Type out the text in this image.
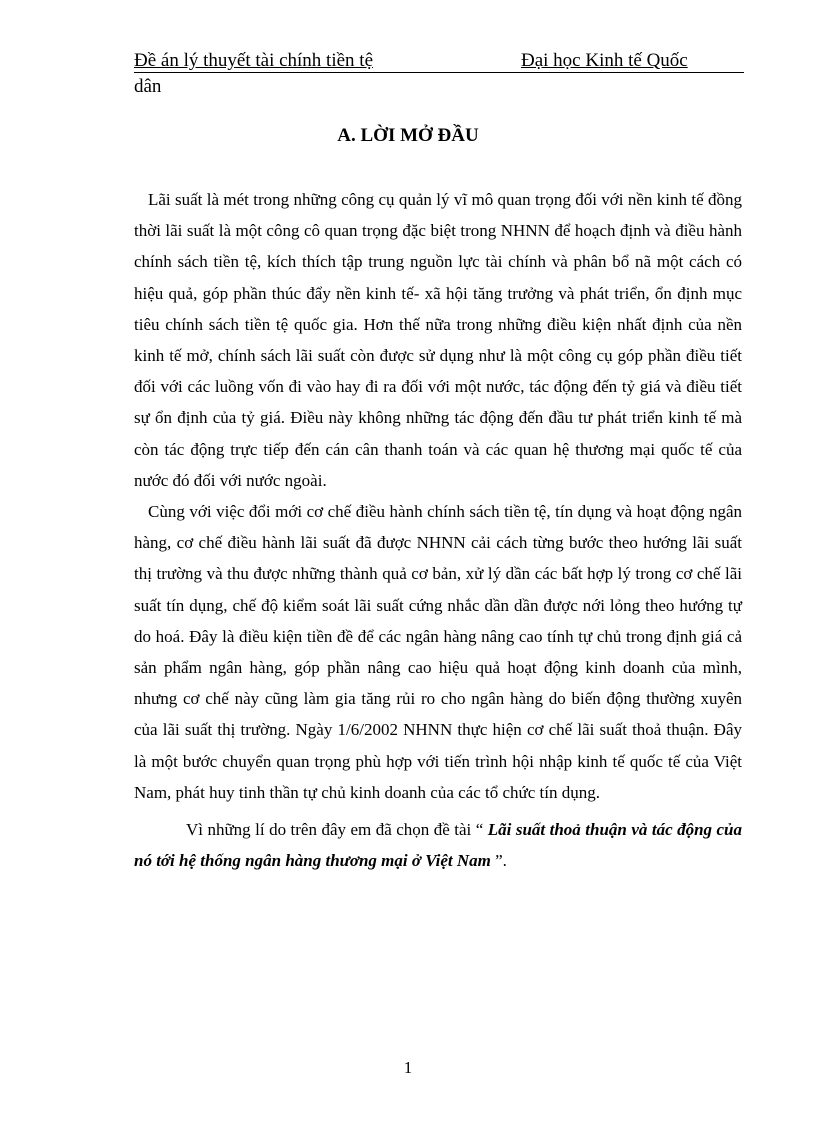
Đề án lý thuyết tài chính tiền tệ	Đại học Kinh tế Quốc
dân
A. LỜI MỞ ĐẦU

Lãi suất là mét trong những công cụ quản lý vĩ mô quan trọng đối với nền kinh tế đồng thời lãi suất là một công cô quan trọng đặc biệt trong NHNN để hoạch định và điều hành chính sách tiền tệ, kích thích tập trung nguồn lực tài chính và phân bổ nã một cách có hiệu quả, góp phần thúc đẩy nền kinh tế- xã hội tăng trưởng và phát triển, ổn định mục tiêu chính sách tiền tệ quốc gia. Hơn thế nữa trong những điều kiện nhất định của nền kinh tế mở, chính sách lãi suất còn được sử dụng như là một công cụ góp phần điều tiết đối với các luồng vốn đi vào hay đi ra đối với một nước, tác động đến tỷ giá và điều tiết sự ổn định của tỷ giá. Điều này không những tác động đến đầu tư phát triển kinh tế mà còn tác động trực tiếp đến cán cân thanh toán và các quan hệ thương mại quốc tế của nước đó đối với nước ngoài.

Cùng với việc đổi mới cơ chế điều hành chính sách tiền tệ, tín dụng và hoạt động ngân hàng, cơ chế điều hành lãi suất đã được NHNN cải cách từng bước theo hướng lãi suất thị trường và thu được những thành quả cơ bản, xử lý dần các bất hợp lý trong cơ chế lãi suất tín dụng, chế độ kiểm soát lãi suất cứng nhắc dần dần được nới lỏng theo hướng tự do hoá. Đây là điều kiện tiền đề để các ngân hàng nâng cao tính tự chủ trong định giá cả sản phẩm ngân hàng, góp phần nâng cao hiệu quả hoạt động kinh doanh của mình, nhưng cơ chế này cũng làm gia tăng rủi ro cho ngân hàng do biến động thường xuyên của lãi suất thị trường. Ngày 1/6/2002 NHNN thực hiện cơ chế lãi suất thoả thuận. Đây là một bước chuyển quan trọng phù hợp với tiến trình hội nhập kinh tế quốc tế của Việt Nam, phát huy tinh thần tự chủ kinh doanh của các tổ chức tín dụng.

Vì những lí do trên đây em đã chọn đề tài “ Lãi suất thoả thuận và tác động của nó tới hệ thống ngân hàng thương mại ở Việt Nam ”.

1
